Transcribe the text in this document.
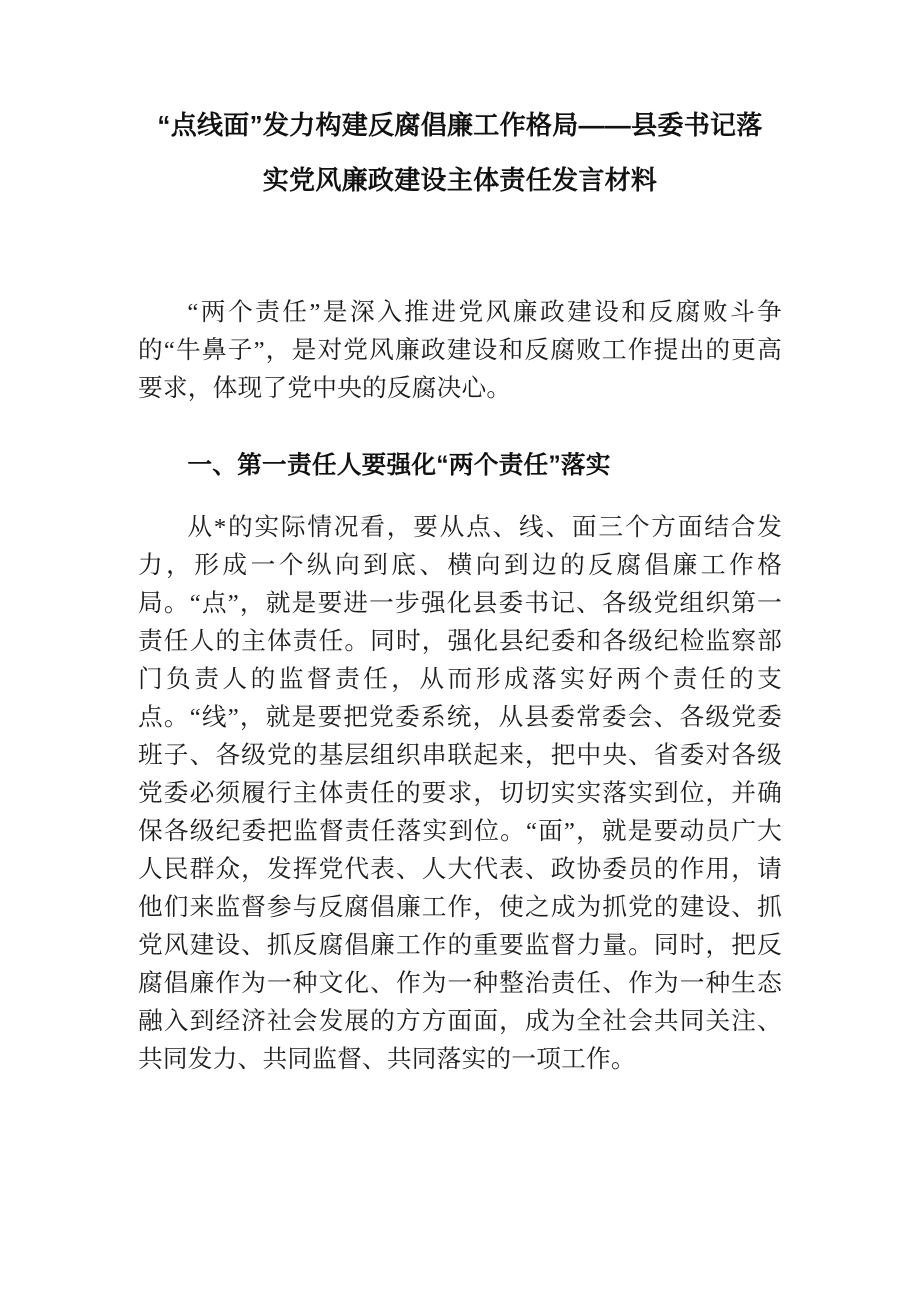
“点线面”发力构建反腐倡廉工作格局——县委书记落
实党风廉政建设主体责任发言材料

“两个责任”是深入推进党风廉政建设和反腐败斗争的“牛鼻子”，是对党风廉政建设和反腐败工作提出的更高要求，体现了党中央的反腐决心。

一、第一责任人要强化“两个责任”落实

从*的实际情况看，要从点、线、面三个方面结合发力，形成一个纵向到底、横向到边的反腐倡廉工作格局。“点”，就是要进一步强化县委书记、各级党组织第一责任人的主体责任。同时，强化县纪委和各级纪检监察部门负责人的监督责任，从而形成落实好两个责任的支点。“线”，就是要把党委系统，从县委常委会、各级党委班子、各级党的基层组织串联起来，把中央、省委对各级党委必须履行主体责任的要求，切切实实落实到位，并确保各级纪委把监督责任落实到位。“面”，就是要动员广大人民群众，发挥党代表、人大代表、政协委员的作用，请他们来监督参与反腐倡廉工作，使之成为抓党的建设、抓党风建设、抓反腐倡廉工作的重要监督力量。同时，把反腐倡廉作为一种文化、作为一种整治责任、作为一种生态融入到经济社会发展的方方面面，成为全社会共同关注、共同发力、共同监督、共同落实的一项工作。
